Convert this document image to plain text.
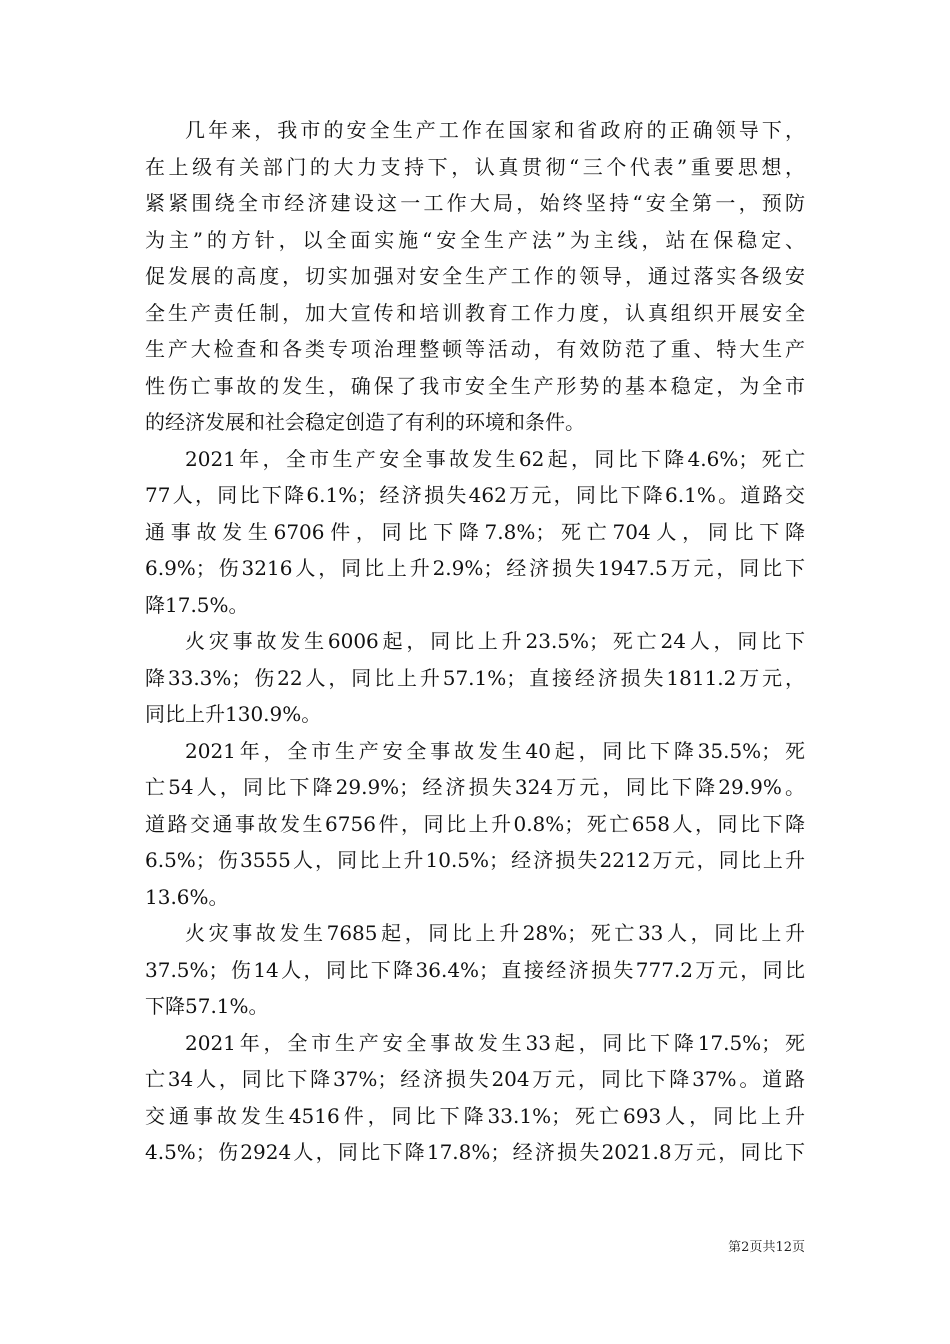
几年来，我市的安全生产工作在国家和省政府的正确领导下，
在上级有关部门的大力支持下，认真贯彻“三个代表”重要思想，
紧紧围绕全市经济建设这一工作大局，始终坚持“安全第一，预防
为主”的方针，以全面实施“安全生产法”为主线，站在保稳定、
促发展的高度，切实加强对安全生产工作的领导，通过落实各级安
全生产责任制，加大宣传和培训教育工作力度，认真组织开展安全
生产大检查和各类专项治理整顿等活动，有效防范了重、特大生产
性伤亡事故的发生，确保了我市安全生产形势的基本稳定，为全市
的经济发展和社会稳定创造了有利的环境和条件。
2021年，全市生产安全事故发生62起，同比下降4.6%；死亡
77人，同比下降6.1%；经济损失462万元，同比下降6.1%。道路交
通事故发生6706件，同比下降7.8%；死亡704人，同比下降
6.9%；伤3216人，同比上升2.9%；经济损失1947.5万元，同比下
降17.5%。
火灾事故发生6006起，同比上升23.5%；死亡24人，同比下
降33.3%；伤22人，同比上升57.1%；直接经济损失1811.2万元，
同比上升130.9%。
2021年，全市生产安全事故发生40起，同比下降35.5%；死
亡54人，同比下降29.9%；经济损失324万元，同比下降29.9%。
道路交通事故发生6756件，同比上升0.8%；死亡658人，同比下降
6.5%；伤3555人，同比上升10.5%；经济损失2212万元，同比上升
13.6%。
火灾事故发生7685起，同比上升28%；死亡33人，同比上升
37.5%；伤14人，同比下降36.4%；直接经济损失777.2万元，同比
下降57.1%。
2021年，全市生产安全事故发生33起，同比下降17.5%；死
亡34人，同比下降37%；经济损失204万元，同比下降37%。道路
交通事故发生4516件，同比下降33.1%；死亡693人，同比上升
4.5%；伤2924人，同比下降17.8%；经济损失2021.8万元，同比下
第2页共12页
